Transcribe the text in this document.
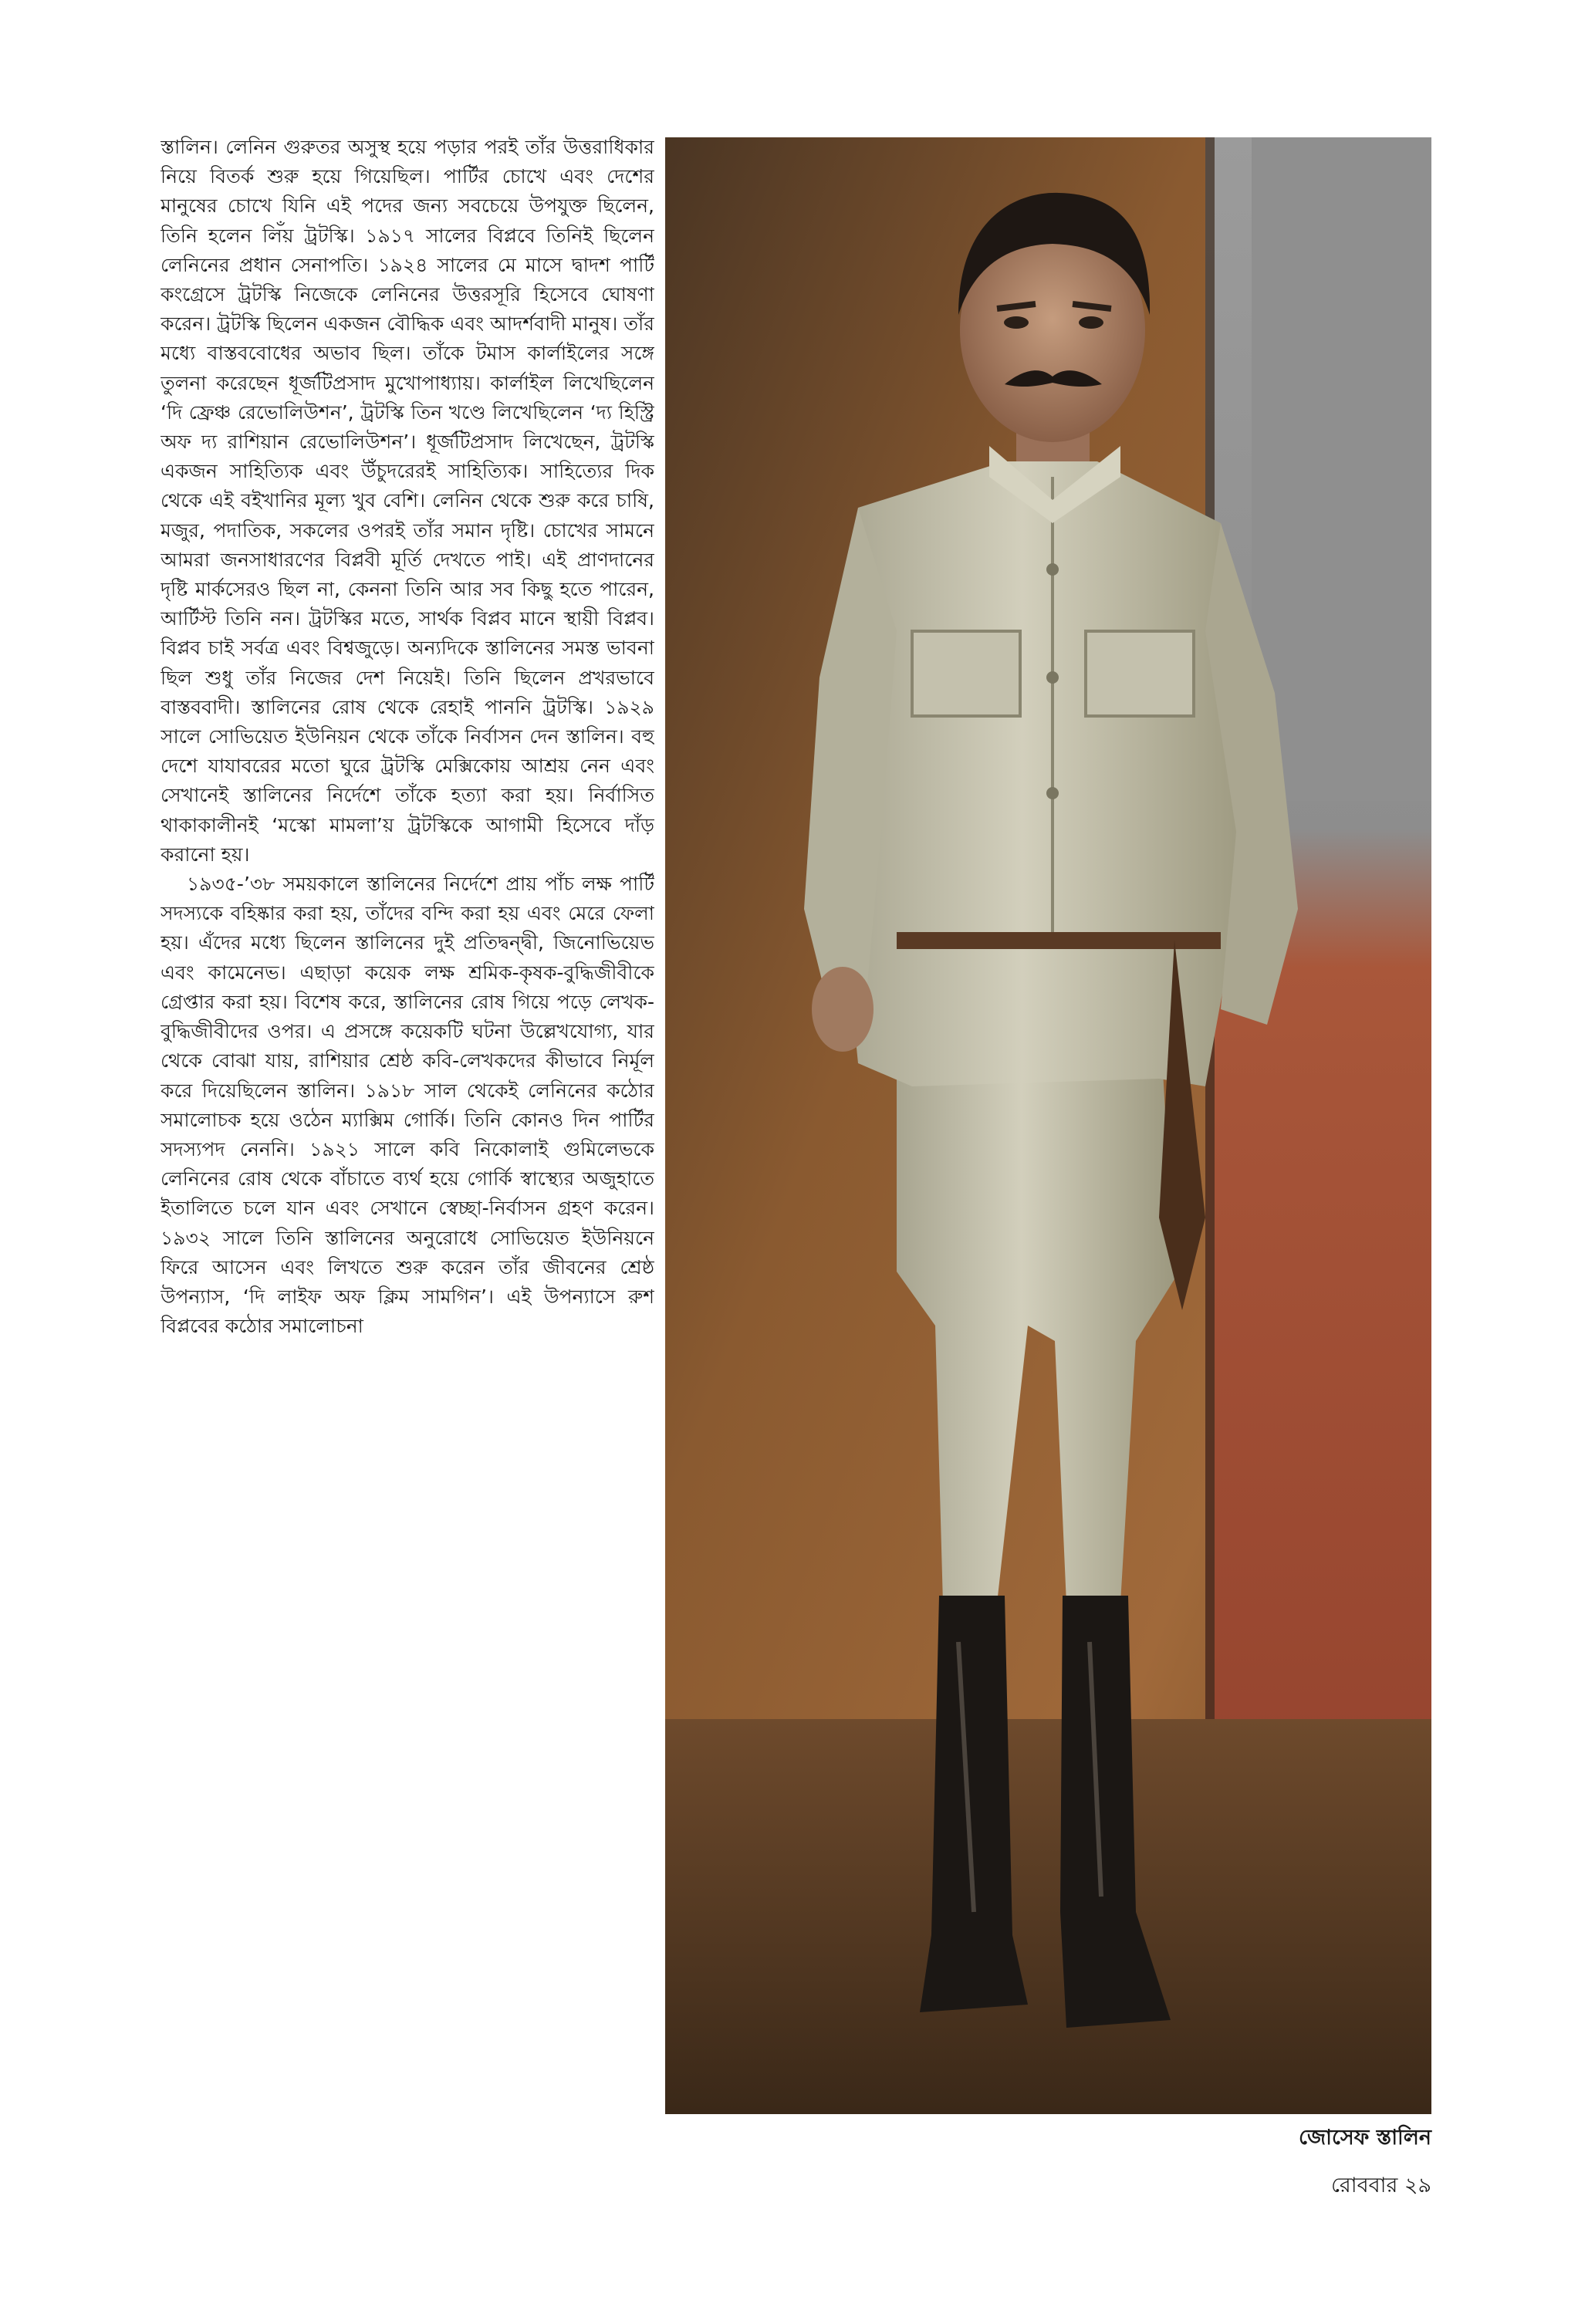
স্তালিন। লেনিন গুরুতর অসুস্থ হয়ে পড়ার পরই তাঁর উত্তরাধিকার নিয়ে বিতর্ক শুরু হয়ে গিয়েছিল। পার্টির চোখে এবং দেশের মানুষের চোখে যিনি এই পদের জন্য সবচেয়ে উপযুক্ত ছিলেন, তিনি হলেন লিঁয় ট্রটস্কি। ১৯১৭ সালের বিপ্লবে তিনিই ছিলেন লেনিনের প্রধান সেনাপতি। ১৯২৪ সালের মে মাসে দ্বাদশ পার্টি কংগ্রেসে ট্রটস্কি নিজেকে লেনিনের উত্তরসূরি হিসেবে ঘোষণা করেন। ট্রটস্কি ছিলেন একজন বৌদ্ধিক এবং আদর্শবাদী মানুষ। তাঁর মধ্যে বাস্তববোধের অভাব ছিল। তাঁকে টমাস কার্লাইলের সঙ্গে তুলনা করেছেন ধূর্জটিপ্রসাদ মুখোপাধ্যায়। কার্লাইল লিখেছিলেন ‘দি ফ্রেঞ্চ রেভোলিউশন’, ট্রটস্কি তিন খণ্ডে লিখেছিলেন ‘দ্য হিস্ট্রি অফ দ্য রাশিয়ান রেভোলিউশন’। ধূর্জটিপ্রসাদ লিখেছেন, ট্রটস্কি একজন সাহিত্যিক এবং উঁচুদরেরই সাহিত্যিক। সাহিত্যের দিক থেকে এই বইখানির মূল্য খুব বেশি। লেনিন থেকে শুরু করে চাষি, মজুর, পদাতিক, সকলের ওপরই তাঁর সমান দৃষ্টি। চোখের সামনে আমরা জনসাধারণের বিপ্লবী মূর্তি দেখতে পাই। এই প্রাণদানের দৃষ্টি মার্কসেরও ছিল না, কেননা তিনি আর সব কিছু হতে পারেন, আর্টিস্ট তিনি নন। ট্রটস্কির মতে, সার্থক বিপ্লব মানে স্থায়ী বিপ্লব। বিপ্লব চাই সর্বত্র এবং বিশ্বজুড়ে। অন্যদিকে স্তালিনের সমস্ত ভাবনা ছিল শুধু তাঁর নিজের দেশ নিয়েই। তিনি ছিলেন প্রখরভাবে বাস্তববাদী। স্তালিনের রোষ থেকে রেহাই পাননি ট্রটস্কি। ১৯২৯ সালে সোভিয়েত ইউনিয়ন থেকে তাঁকে নির্বাসন দেন স্তালিন। বহু দেশে যাযাবরের মতো ঘুরে ট্রটস্কি মেক্সিকোয় আশ্রয় নেন এবং সেখানেই স্তালিনের নির্দেশে তাঁকে হত্যা করা হয়। নির্বাসিত থাকাকালীনই ‘মস্কো মামলা’য় ট্রটস্কিকে আগামী হিসেবে দাঁড় করানো হয়।

১৯৩৫-’৩৮ সময়কালে স্তালিনের নির্দেশে প্রায় পাঁচ লক্ষ পার্টি সদস্যকে বহিষ্কার করা হয়, তাঁদের বন্দি করা হয় এবং মেরে ফেলা হয়। এঁদের মধ্যে ছিলেন স্তালিনের দুই প্রতিদ্বন্দ্বী, জিনোভিয়েভ এবং কামেনেভ। এছাড়া কয়েক লক্ষ শ্রমিক-কৃষক-বুদ্ধিজীবীকে গ্রেপ্তার করা হয়। বিশেষ করে, স্তালিনের রোষ গিয়ে পড়ে লেখক-বুদ্ধিজীবীদের ওপর। এ প্রসঙ্গে কয়েকটি ঘটনা উল্লেখযোগ্য, যার থেকে বোঝা যায়, রাশিয়ার শ্রেষ্ঠ কবি-লেখকদের কীভাবে নির্মূল করে দিয়েছিলেন স্তালিন। ১৯১৮ সাল থেকেই লেনিনের কঠোর সমালোচক হয়ে ওঠেন ম্যাক্সিম গোর্কি। তিনি কোনও দিন পার্টির সদস্যপদ নেননি। ১৯২১ সালে কবি নিকোলাই গুমিলেভকে লেনিনের রোষ থেকে বাঁচাতে ব্যর্থ হয়ে গোর্কি স্বাস্থ্যের অজুহাতে ইতালিতে চলে যান এবং সেখানে স্বেচ্ছা-নির্বাসন গ্রহণ করেন। ১৯৩২ সালে তিনি স্তালিনের অনুরোধে সোভিয়েত ইউনিয়নে ফিরে আসেন এবং লিখতে শুরু করেন তাঁর জীবনের শ্রেষ্ঠ উপন্যাস, ‘দি লাইফ অফ ক্লিম সামগিন’। এই উপন্যাসে রুশ বিপ্লবের কঠোর সমালোচনা

জোসেফ স্তালিন
রোববার ২৯
